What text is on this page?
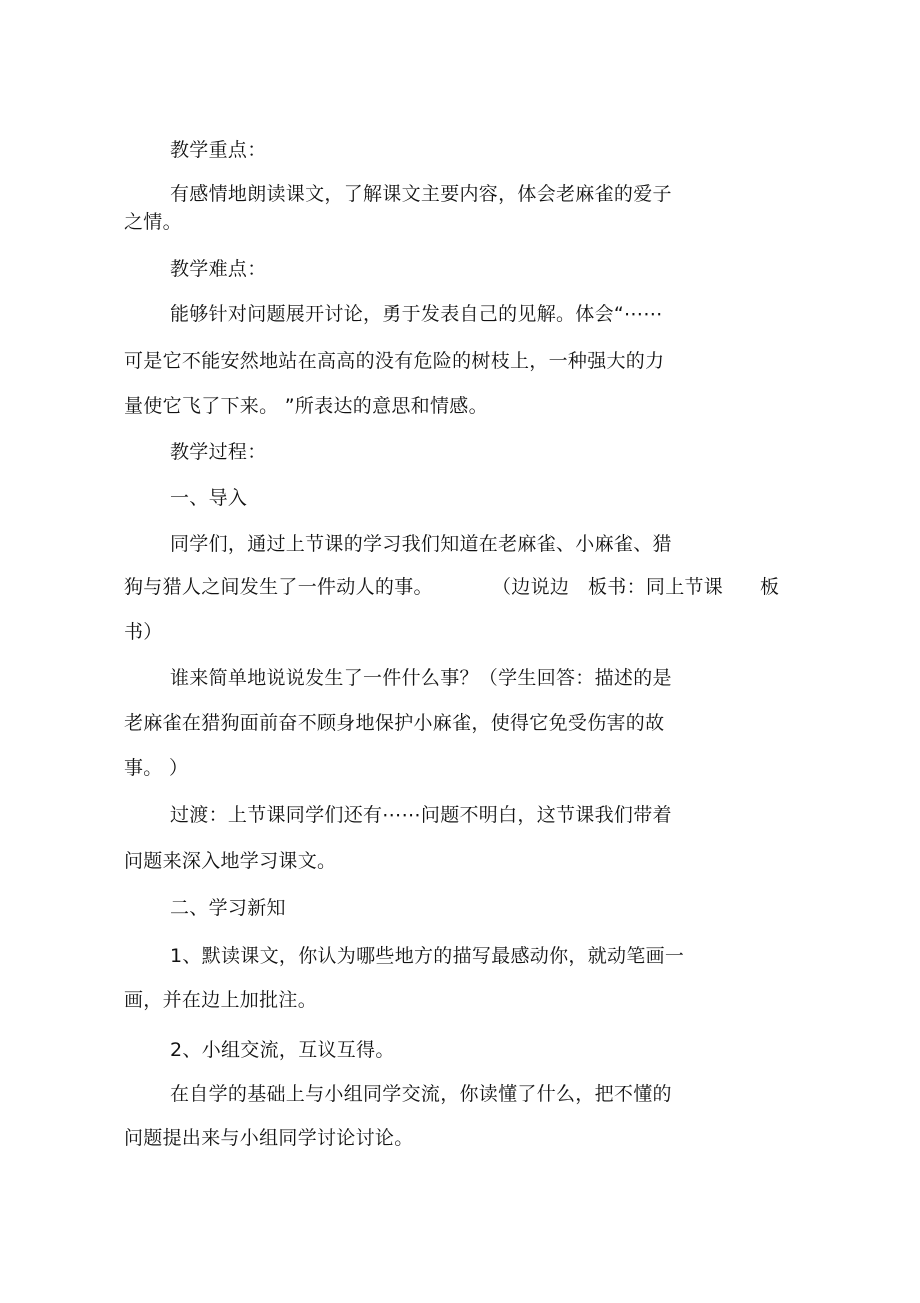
教学重点：
有感情地朗读课文，了解课文主要内容，体会老麻雀的爱子
之情。
教学难点：
能够针对问题展开讨论，勇于发表自己的见解。体会“⋯⋯
可是它不能安然地站在高高的没有危险的树枝上，一种强大的力
量使它飞了下来。 ”所表达的意思和情感。
教学过程：
一、导入
同学们，通过上节课的学习我们知道在老麻雀、小麻雀、猎
狗与猎人之间发生了一件动人的事。	（边说边 板书：同上节课 板
书）
谁来简单地说说发生了一件什么事？（学生回答：描述的是
老麻雀在猎狗面前奋不顾身地保护小麻雀，使得它免受伤害的故
事。 ）
过渡：上节课同学们还有⋯⋯问题不明白，这节课我们带着
问题来深入地学习课文。
二、学习新知
1、默读课文，你认为哪些地方的描写最感动你，就动笔画一
画，并在边上加批注。
2、小组交流，互议互得。
在自学的基础上与小组同学交流，你读懂了什么，把不懂的
问题提出来与小组同学讨论讨论。
